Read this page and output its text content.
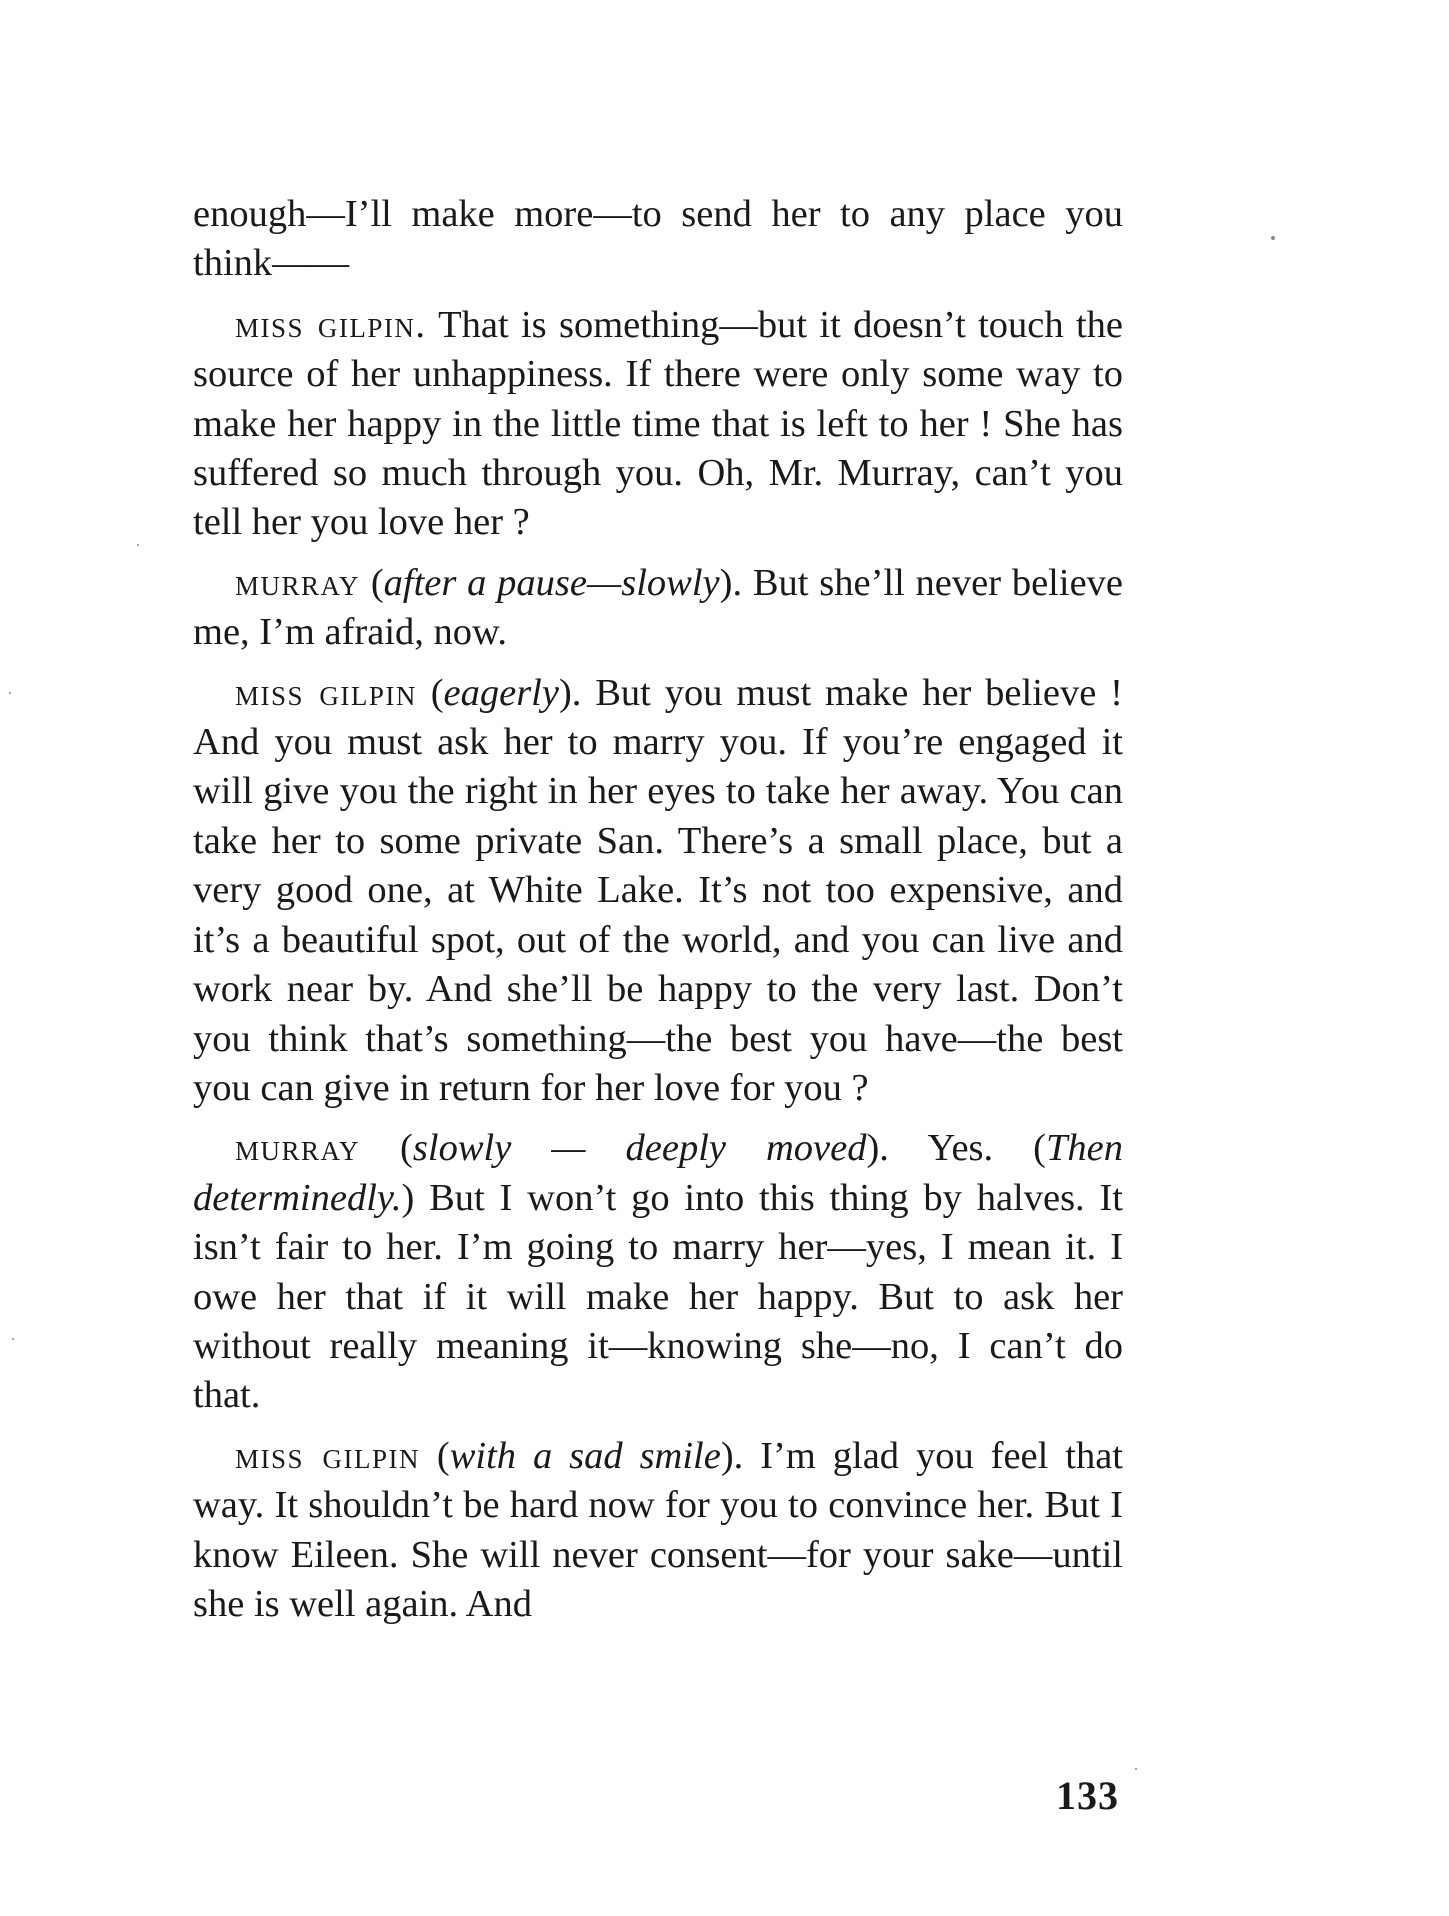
enough—I’ll make more—to send her to any place you think——

miss gilpin. That is something—but it doesn’t touch the source of her unhappiness. If there were only some way to make her happy in the little time that is left to her ! She has suffered so much through you. Oh, Mr. Murray, can’t you tell her you love her ?

murray (after a pause—slowly). But she’ll never believe me, I’m afraid, now.

miss gilpin (eagerly). But you must make her believe ! And you must ask her to marry you. If you’re engaged it will give you the right in her eyes to take her away. You can take her to some private San. There’s a small place, but a very good one, at White Lake. It’s not too expensive, and it’s a beautiful spot, out of the world, and you can live and work near by. And she’ll be happy to the very last. Don’t you think that’s something—the best you have—the best you can give in return for her love for you ?

murray (slowly — deeply moved). Yes. (Then determinedly.) But I won’t go into this thing by halves. It isn’t fair to her. I’m going to marry her—yes, I mean it. I owe her that if it will make her happy. But to ask her without really meaning it—knowing she—no, I can’t do that.

miss gilpin (with a sad smile). I’m glad you feel that way. It shouldn’t be hard now for you to convince her. But I know Eileen. She will never consent—for your sake—until she is well again. And

133
